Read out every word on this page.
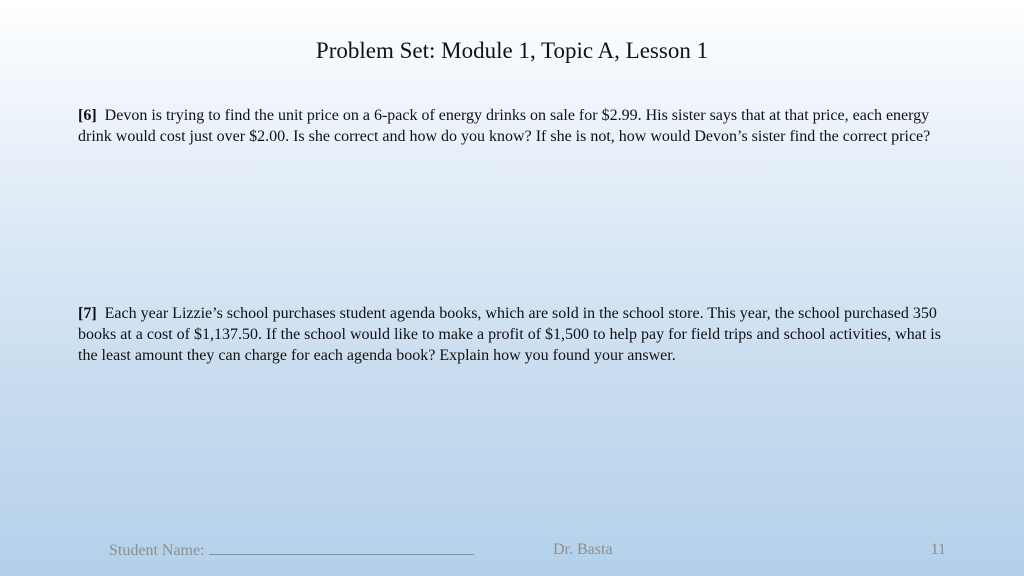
Problem Set: Module 1, Topic A, Lesson 1
[6] Devon is trying to find the unit price on a 6-pack of energy drinks on sale for $2.99. His sister says that at that price, each energy drink would cost just over $2.00. Is she correct and how do you know? If she is not, how would Devon’s sister find the correct price?
[7] Each year Lizzie’s school purchases student agenda books, which are sold in the school store. This year, the school purchased 350 books at a cost of $1,137.50. If the school would like to make a profit of $1,500 to help pay for field trips and school activities, what is the least amount they can charge for each agenda book? Explain how you found your answer.
Student Name:	Dr. Basta	11
